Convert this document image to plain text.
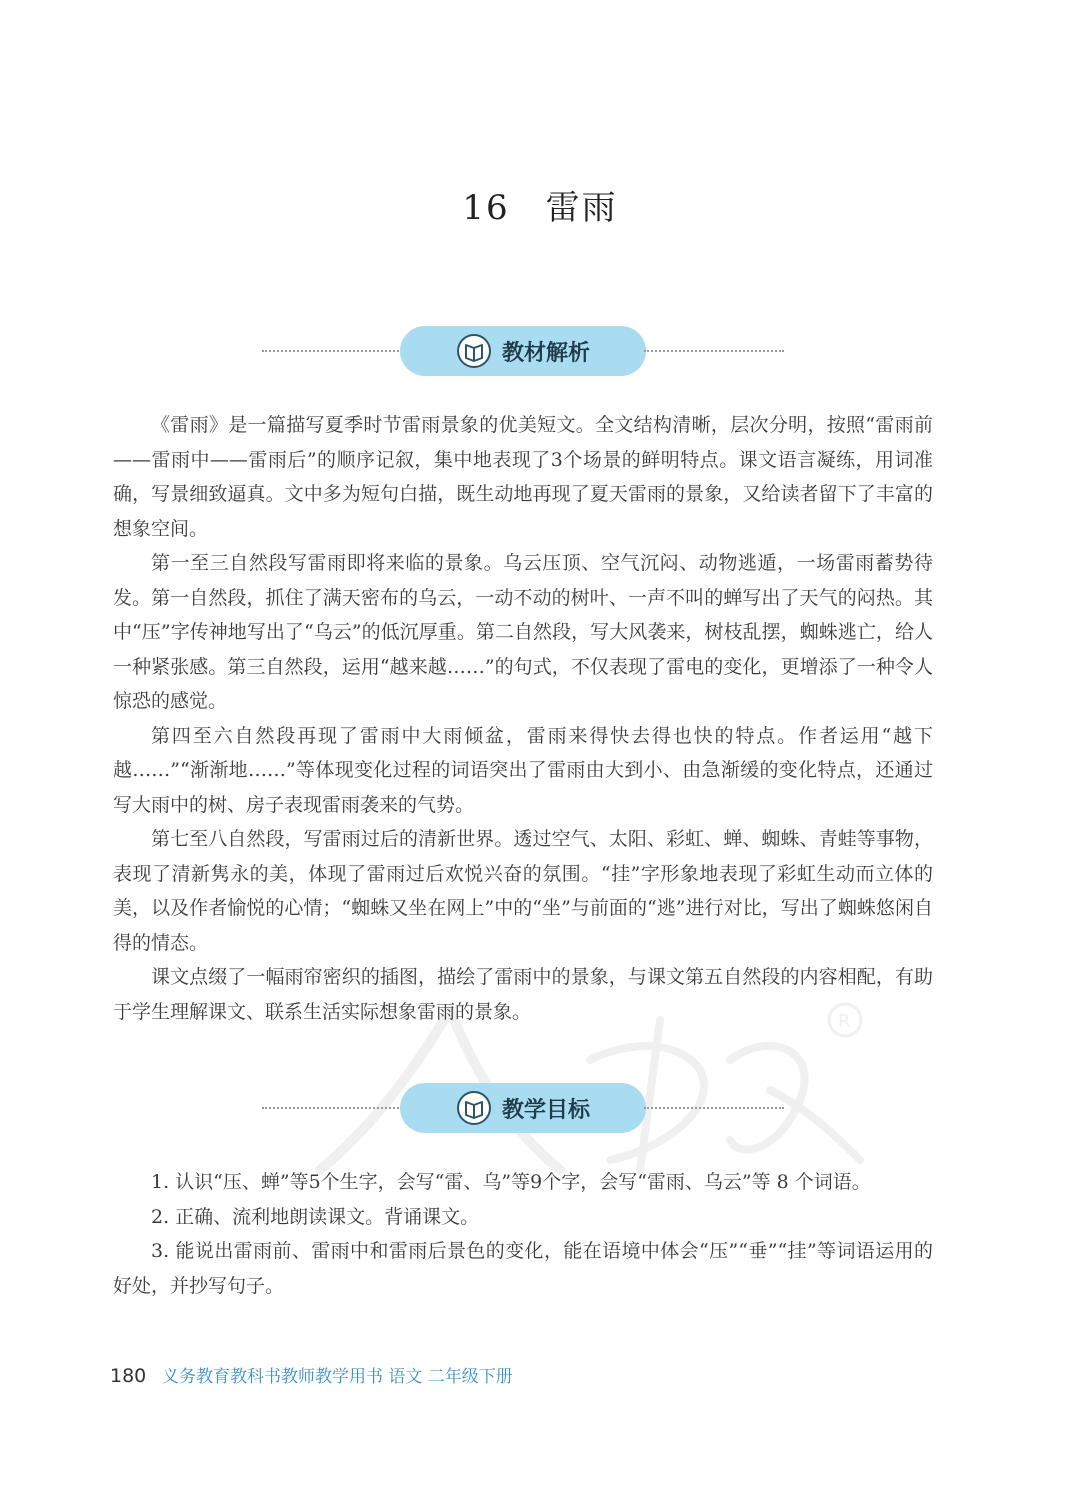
R
16 雷雨
教材解析

《雷雨》是一篇描写夏季时节雷雨景象的优美短文。全文结构清晰，层次分明，按照“雷雨前——雷雨中——雷雨后”的顺序记叙，集中地表现了3个场景的鲜明特点。课文语言凝练，用词准确，写景细致逼真。文中多为短句白描，既生动地再现了夏天雷雨的景象，又给读者留下了丰富的想象空间。

第一至三自然段写雷雨即将来临的景象。乌云压顶、空气沉闷、动物逃遁，一场雷雨蓄势待发。第一自然段，抓住了满天密布的乌云，一动不动的树叶、一声不叫的蝉写出了天气的闷热。其中“压”字传神地写出了“乌云”的低沉厚重。第二自然段，写大风袭来，树枝乱摆，蜘蛛逃亡，给人一种紧张感。第三自然段，运用“越来越……”的句式，不仅表现了雷电的变化，更增添了一种令人惊恐的感觉。

第四至六自然段再现了雷雨中大雨倾盆，雷雨来得快去得也快的特点。作者运用“越下越……”“渐渐地……”等体现变化过程的词语突出了雷雨由大到小、由急渐缓的变化特点，还通过写大雨中的树、房子表现雷雨袭来的气势。

第七至八自然段，写雷雨过后的清新世界。透过空气、太阳、彩虹、蝉、蜘蛛、青蛙等事物，表现了清新隽永的美，体现了雷雨过后欢悦兴奋的氛围。“挂”字形象地表现了彩虹生动而立体的美，以及作者愉悦的心情；“蜘蛛又坐在网上”中的“坐”与前面的“逃”进行对比，写出了蜘蛛悠闲自得的情态。

课文点缀了一幅雨帘密织的插图，描绘了雷雨中的景象，与课文第五自然段的内容相配，有助于学生理解课文、联系生活实际想象雷雨的景象。

教学目标

1. 认识“压、蝉”等5个生字，会写“雷、乌”等9个字，会写“雷雨、乌云”等 8 个词语。

2. 正确、流利地朗读课文。背诵课文。

3. 能说出雷雨前、雷雨中和雷雨后景色的变化，能在语境中体会“压”“垂”“挂”等词语运用的好处，并抄写句子。

180 义务教育教科书教师教学用书 语文 二年级下册
